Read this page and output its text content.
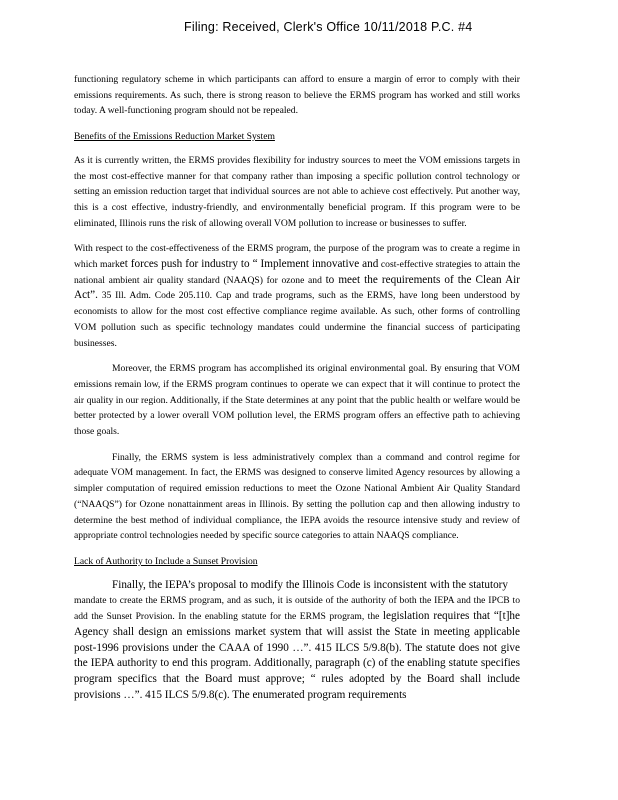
Filing: Received, Clerk's Office 10/11/2018 P.C. #4

functioning regulatory scheme in which participants can afford to ensure a margin of error to comply with their emissions requirements. As such, there is strong reason to believe the ERMS program has worked and still works today. A well-functioning program should not be repealed.

Benefits of the Emissions Reduction Market System

As it is currently written, the ERMS provides flexibility for industry sources to meet the VOM emissions targets in the most cost-effective manner for that company rather than imposing a specific pollution control technology or setting an emission reduction target that individual sources are not able to achieve cost effectively. Put another way, this is a cost effective, industry-friendly, and environmentally beneficial program. If this program were to be eliminated, Illinois runs the risk of allowing overall VOM pollution to increase or businesses to suffer.

With respect to the cost-effectiveness of the ERMS program, the purpose of the program was to create a regime in which market forces push for industry to “ Implement innovative and cost-effective strategies to attain the national ambient air quality standard (NAAQS) for ozone and to meet the requirements of the Clean Air Act”. 35 Ill. Adm. Code 205.110. Cap and trade programs, such as the ERMS, have long been understood by economists to allow for the most cost effective compliance regime available. As such, other forms of controlling VOM pollution such as specific technology mandates could undermine the financial success of participating businesses.

Moreover, the ERMS program has accomplished its original environmental goal. By ensuring that VOM emissions remain low, if the ERMS program continues to operate we can expect that it will continue to protect the air quality in our region. Additionally, if the State determines at any point that the public health or welfare would be better protected by a lower overall VOM pollution level, the ERMS program offers an effective path to achieving those goals.

Finally, the ERMS system is less administratively complex than a command and control regime for adequate VOM management. In fact, the ERMS was designed to conserve limited Agency resources by allowing a simpler computation of required emission reductions to meet the Ozone National Ambient Air Quality Standard (“NAAQS”) for Ozone nonattainment areas in Illinois. By setting the pollution cap and then allowing industry to determine the best method of individual compliance, the IEPA avoids the resource intensive study and review of appropriate control technologies needed by specific source categories to attain NAAQS compliance.

Lack of Authority to Include a Sunset Provision

Finally, the IEPA’s proposal to modify the Illinois Code is inconsistent with the statutory
mandate to create the ERMS program, and as such, it is outside of the authority of both the IEPA and the IPCB to add the Sunset Provision. In the enabling statute for the ERMS program, the legislation requires that “[t]he Agency shall design an emissions market system that will assist the State in meeting applicable post-1996 provisions under the CAAA of 1990 …”. 415 ILCS 5/9.8(b). The statute does not give the IEPA authority to end this program. Additionally, paragraph (c) of the enabling statute specifies program specifics that the Board must approve; “ rules adopted by the Board shall include provisions …”. 415 ILCS 5/9.8(c). The enumerated program requirements
